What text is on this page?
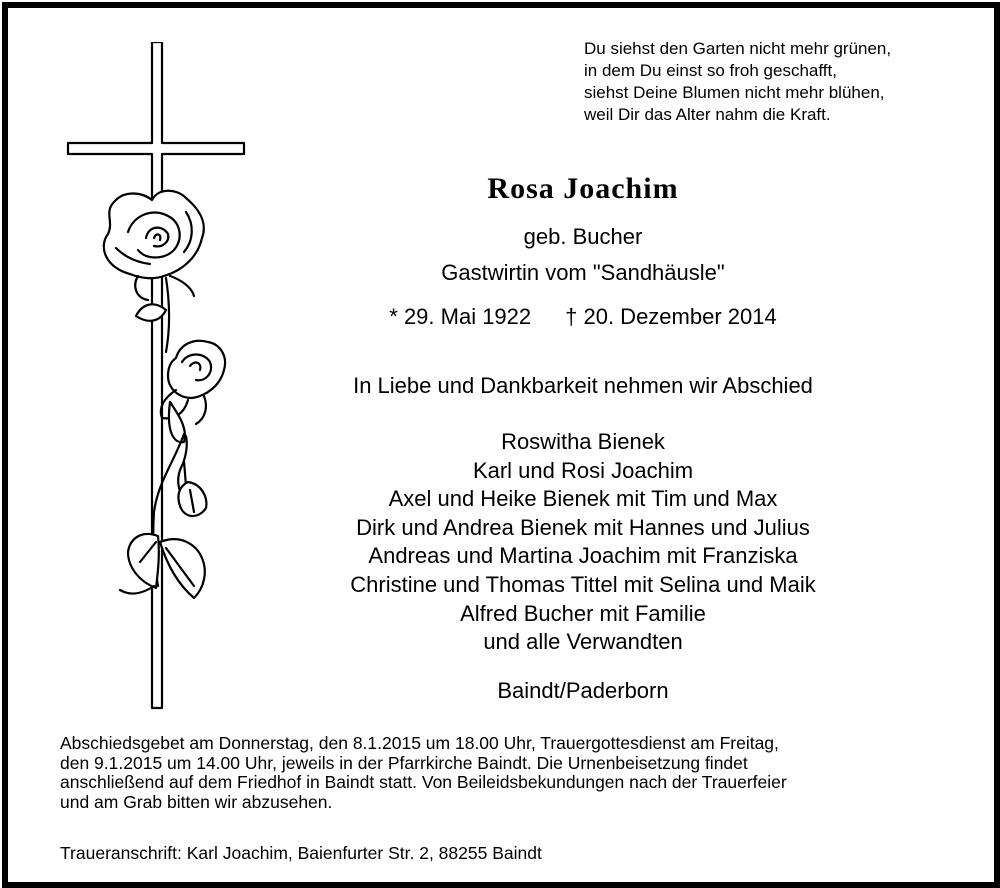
Du siehst den Garten nicht mehr grünen,
in dem Du einst so froh geschafft,
siehst Deine Blumen nicht mehr blühen,
weil Dir das Alter nahm die Kraft.
Rosa Joachim
geb. Bucher
Gastwirtin vom "Sandhäusle"
* 29. Mai 1922 † 20. Dezember 2014
In Liebe und Dankbarkeit nehmen wir Abschied
Roswitha Bienek
Karl und Rosi Joachim
Axel und Heike Bienek mit Tim und Max
Dirk und Andrea Bienek mit Hannes und Julius
Andreas und Martina Joachim mit Franziska
Christine und Thomas Tittel mit Selina und Maik
Alfred Bucher mit Familie
und alle Verwandten
Baindt/Paderborn
Abschiedsgebet am Donnerstag, den 8.1.2015 um 18.00 Uhr, Trauergottesdienst am Freitag,
den 9.1.2015 um 14.00 Uhr, jeweils in der Pfarrkirche Baindt. Die Urnenbeisetzung findet
anschließend auf dem Friedhof in Baindt statt. Von Beileidsbekundungen nach der Trauerfeier
und am Grab bitten wir abzusehen.
Traueranschrift: Karl Joachim, Baienfurter Str. 2, 88255 Baindt
